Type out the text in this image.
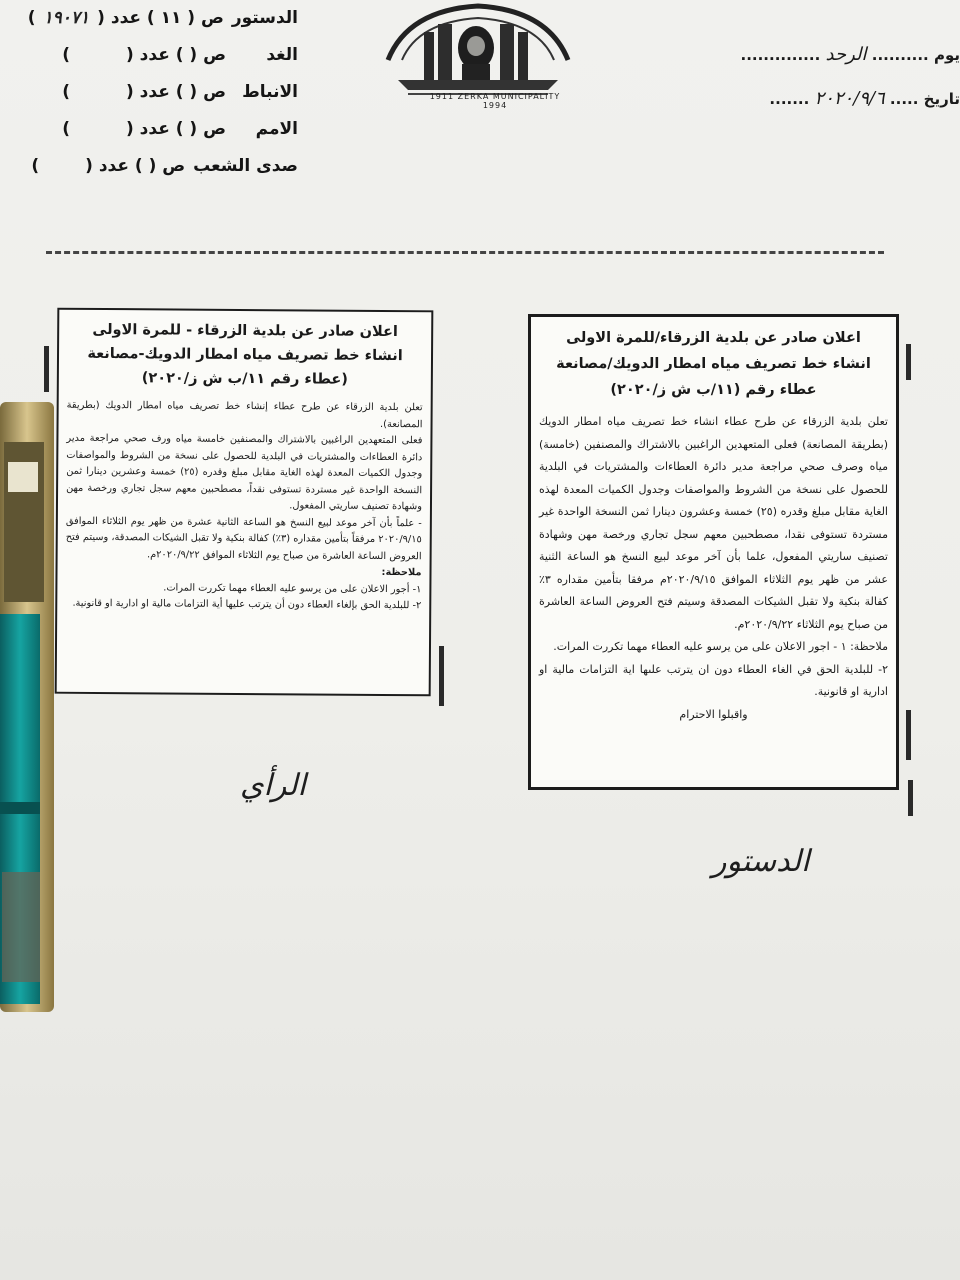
الدستور
ص ( ١١ ) عدد (
١٩٠٧١
)
الغد
ص ( ) عدد (
)
الانباط
ص ( ) عدد (
)
الامم
ص ( ) عدد (
)
صدى الشعب
ص ( ) عدد (
)
1911 ZERKA MUNICIPALITY 1994
يوم .......... الرحد ..............
تاريخ ..... ٢٠٢٠/٩/٦ .......
اعلان صادر عن بلدية الزرقاء/للمرة الاولى
انشاء خط تصريف مياه امطار الدويك/مصانعة
عطاء رقم (١١/ب ش ز/٢٠٢٠)

تعلن بلدية الزرقاء عن طرح عطاء انشاء خط تصريف مياه امطار الدويك (بطريقة المصانعة) فعلى المتعهدين الراغبين بالاشتراك والمصنفين (خامسة) مياه وصرف صحي مراجعة مدير دائرة العطاءات والمشتريات في البلدية للحصول على نسخة من الشروط والمواصفات وجدول الكميات المعدة لهذه الغاية مقابل مبلغ وقدره (٢٥) خمسة وعشرون دينارا ثمن النسخة الواحدة غير مستردة تستوفى نقدا، مصطحبين معهم سجل تجاري ورخصة مهن وشهادة تصنيف ساريتي المفعول، علما بأن آخر موعد لبيع النسخ هو الساعة الثنية عشر من ظهر يوم الثلاثاء الموافق ٢٠٢٠/٩/١٥م مرفقا بتأمين مقداره ٣٪ كفالة بنكية ولا تقبل الشيكات المصدقة وسيتم فتح العروض الساعة العاشرة من صباح يوم الثلاثاء ٢٠٢٠/٩/٢٢م.

ملاحظة: ١ - اجور الاعلان على من يرسو عليه العطاء مهما تكررت المرات.

٢- للبلدية الحق في الغاء العطاء دون ان يترتب علىها اية التزامات مالية او ادارية او قانونية.

واقبلوا الاحترام

اعلان صادر عن بلدية الزرقاء - للمرة الاولى
انشاء خط تصريف مياه امطار الدويك-مصانعة
(عطاء رقم ١١/ب ش ز/٢٠٢٠)

تعلن بلدية الزرقاء عن طرح عطاء إنشاء خط تصريف مياه امطار الدويك (بطريقة المصانعة).

فعلى المتعهدين الراغبين بالاشتراك والمصنفين خامسة مياه ورف صحي مراجعة مدير دائرة العطاءات والمشتريات في البلدية للحصول على نسخة من الشروط والمواصفات وجدول الكميات المعدة لهذه الغاية مقابل مبلغ وقدره (٢٥) خمسة وعشرين دينارا ثمن النسخة الواحدة غير مستردة تستوفى نقداً، مصطحبين معهم سجل تجاري ورخصة مهن وشهادة تصنيف ساريتي المفعول.

- علماً بأن آخر موعد لبيع النسخ هو الساعة الثانية عشرة من ظهر يوم الثلاثاء الموافق ٢٠٢٠/٩/١٥ مرفقاً بتأمين مقداره (٣٪) كفالة بنكية ولا تقبل الشيكات المصدقة، وسيتم فتح العروض الساعة العاشرة من صباح يوم الثلاثاء الموافق ٢٠٢٠/٩/٢٢م.

ملاحظة:

١- أجور الاعلان على من يرسو عليه العطاء مهما تكررت المرات.

٢- للبلدية الحق بإلغاء العطاء دون أن يترتب عليها أية التزامات مالية او ادارية او قانونية.

الرأي
الدستور
